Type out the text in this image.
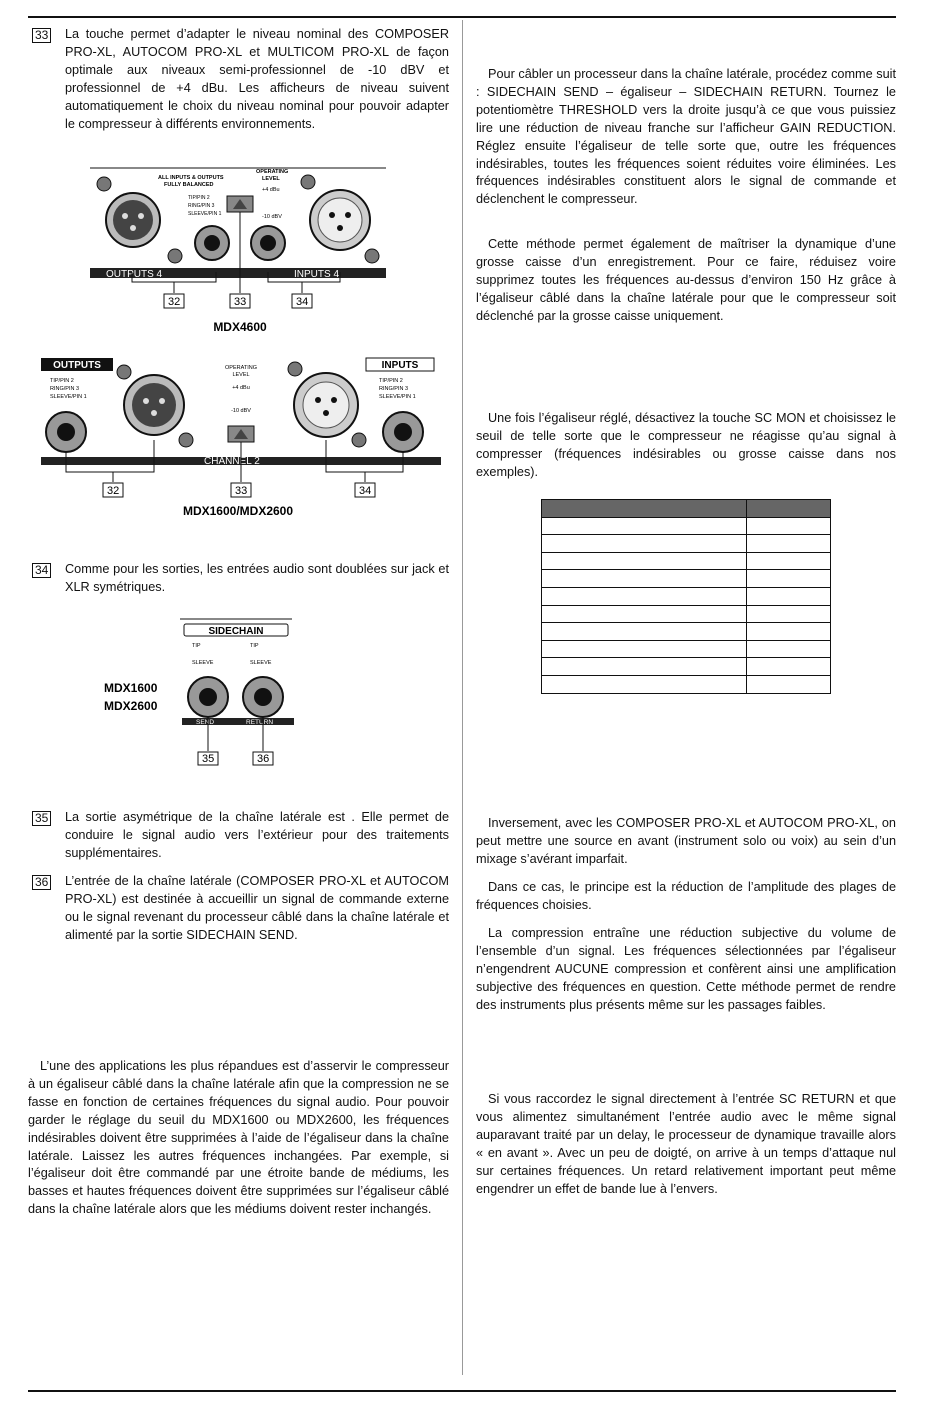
33 La touche permet d’adapter le niveau nominal des COMPOSER PRO-XL, AUTOCOM PRO-XL et MULTICOM PRO-XL de façon optimale aux niveaux semi-professionnel de -10 dBV et professionnel de +4 dBu. Les afficheurs de niveau suivent automatiquement le choix du niveau nominal pour pouvoir adapter le compresseur à différents environnements.

OUTPUTS 4	INPUTS 4
ALL INPUTS & OUTPUTS
FULLY BALANCED
TIP/PIN 2
RING/PIN 3
SLEEVE/PIN 1
OPERATING
LEVEL
+4 dBu
-10 dBV
32	33	34
MDX4600
OUTPUTS	INPUTS
TIP/PIN 2
RING/PIN 3
SLEEVE/PIN 1
TIP/PIN 2
RING/PIN 3
SLEEVE/PIN 1
CHANNEL 2
OPERATING
LEVEL
+4 dBu
-10 dBV
32	33	34
MDX1600/MDX2600
34 Comme pour les sorties, les entrées audio sont doublées sur jack et XLR symétriques.

SIDECHAIN
TIP
SLEEVE
TIP
SLEEVE
MDX1600
MDX2600
SEND	RETURN
35	36
35 La sortie asymétrique de la chaîne latérale est . Elle permet de conduire le signal audio vers l’extérieur pour des traitements supplémentaires.

36 L’entrée de la chaîne latérale (COMPOSER PRO-XL et AUTOCOM PRO-XL) est destinée à accueillir un signal de commande externe ou le signal revenant du processeur câblé dans la chaîne latérale et alimenté par la sortie SIDECHAIN SEND.

L’une des applications les plus répandues est d’asservir le compresseur à un égaliseur câblé dans la chaîne latérale afin que la compression ne se fasse en fonction de certaines fréquences du signal audio. Pour pouvoir garder le réglage du seuil du MDX1600 ou MDX2600, les fréquences indésirables doivent être supprimées à l’aide de l’égaliseur dans la chaîne latérale. Laissez les autres fréquences inchangées. Par exemple, si l’égaliseur doit être commandé par une étroite bande de médiums, les basses et hautes fréquences doivent être supprimées sur l’égaliseur câblé dans la chaîne latérale alors que les médiums doivent rester inchangés.

Pour câbler un processeur dans la chaîne latérale, procédez comme suit : SIDECHAIN SEND – égaliseur – SIDECHAIN RETURN. Tournez le potentiomètre THRESHOLD vers la droite jusqu’à ce que vous puissiez lire une réduction de niveau franche sur l’afficheur GAIN REDUCTION. Réglez ensuite l’égaliseur de telle sorte que, outre les fréquences indésirables, toutes les fréquences soient réduites voire éliminées. Les fréquences indésirables constituent alors le signal de commande et déclenchent le compresseur.

Cette méthode permet également de maîtriser la dynamique d’une grosse caisse d’un enregistrement. Pour ce faire, réduisez voire supprimez toutes les fréquences au-dessus d’environ 150 Hz grâce à l’égaliseur câblé dans la chaîne latérale pour que le compresseur soit déclenché par la grosse caisse uniquement.

Une fois l’égaliseur réglé, désactivez la touche SC MON et choisissez le seuil de telle sorte que le compresseur ne réagisse qu’au signal à compresser (fréquences indésirables ou grosse caisse dans nos exemples).

Inversement, avec les COMPOSER PRO-XL et AUTOCOM PRO-XL, on peut mettre une source en avant (instrument solo ou voix) au sein d’un mixage s’avérant imparfait.

Dans ce cas, le principe est la réduction de l’amplitude des plages de fréquences choisies.

La compression entraîne une réduction subjective du volume de l’ensemble d’un signal. Les fréquences sélectionnées par l’égaliseur n’engendrent AUCUNE compression et confèrent ainsi une amplification subjective des fréquences en question. Cette méthode permet de rendre des instruments plus présents même sur les passages faibles.

Si vous raccordez le signal directement à l’entrée SC RETURN et que vous alimentez simultanément l’entrée audio avec le même signal auparavant traité par un delay, le processeur de dynamique travaille alors « en avant ». Avec un peu de doigté, on arrive à un temps d’attaque nul sur certaines fréquences. Un retard relativement important peut même engendrer un effet de bande lue à l’envers.
